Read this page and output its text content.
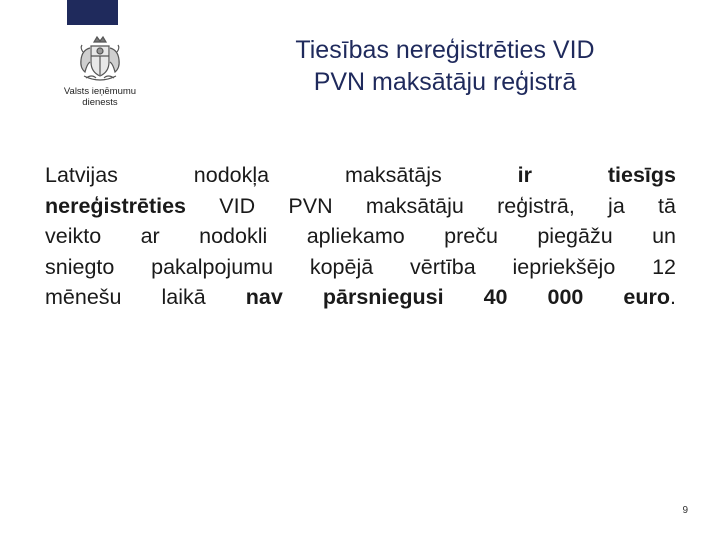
Valsts ieņēmumu
dienests
Tiesības nereģistrēties VID
PVN maksātāju reģistrā
Latvijas nodokļa maksātājs ir tiesīgs
nereģistrēties VID PVN maksātāju reģistrā, ja tā
veikto ar nodokli apliekamo preču piegāžu un
sniegto pakalpojumu kopējā vērtība iepriekšējo 12
mēnešu laikā nav pārsniegusi 40 000 euro.
9
